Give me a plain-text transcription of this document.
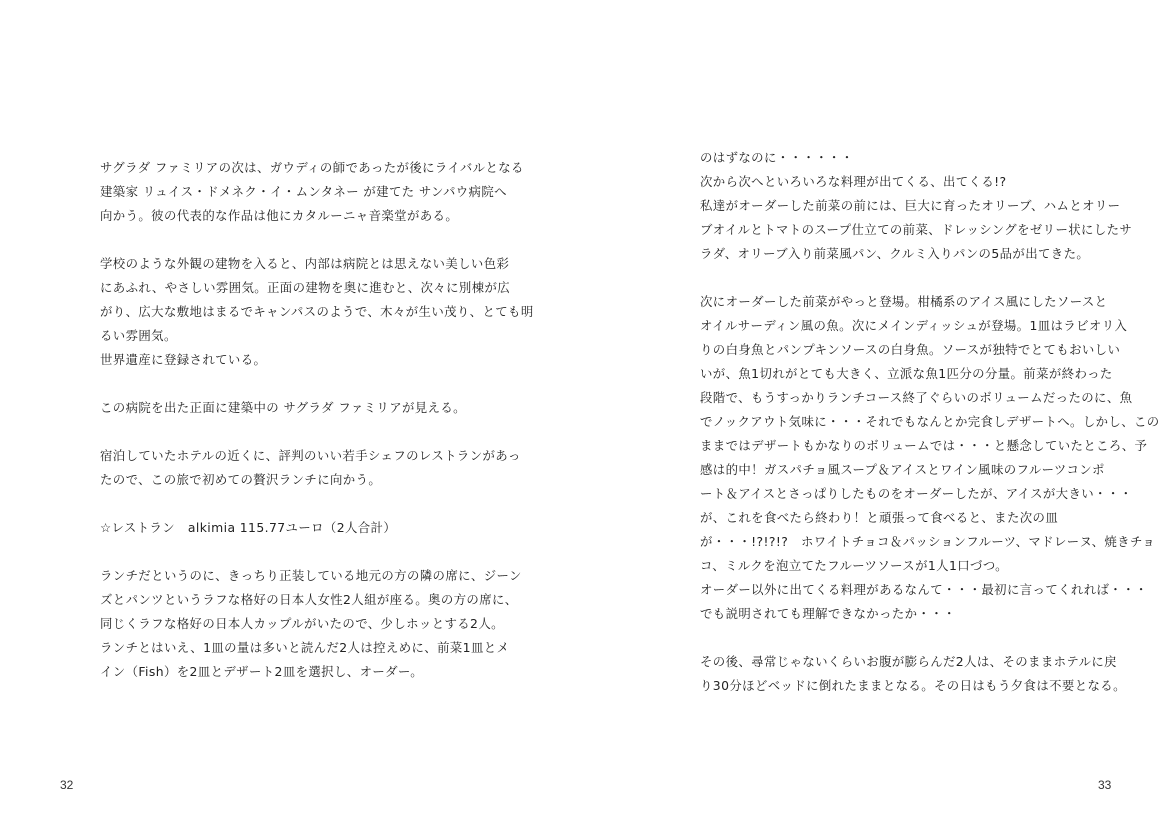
サグラダ ファミリアの次は、ガウディの師であったが後にライバルとなる
建築家 リュイス・ドメネク・イ・ムンタネー が建てた サンパウ病院へ
向かう。彼の代表的な作品は他にカタルーニャ音楽堂がある。
学校のような外観の建物を入ると、内部は病院とは思えない美しい色彩
にあふれ、やさしい雰囲気。正面の建物を奥に進むと、次々に別棟が広
がり、広大な敷地はまるでキャンパスのようで、木々が生い茂り、とても明
るい雰囲気。
世界遺産に登録されている。
この病院を出た正面に建築中の サグラダ ファミリアが見える。
宿泊していたホテルの近くに、評判のいい若手シェフのレストランがあっ
たので、この旅で初めての贅沢ランチに向かう。
☆レストラン　alkimia 115.77ユーロ（2人合計）
ランチだというのに、きっちり正装している地元の方の隣の席に、ジーン
ズとパンツというラフな格好の日本人女性2人組が座る。奥の方の席に、
同じくラフな格好の日本人カップルがいたので、少しホッとする2人。
ランチとはいえ、1皿の量は多いと読んだ2人は控えめに、前菜1皿とメ
イン（Fish）を2皿とデザート2皿を選択し、オーダー。
32
のはずなのに・・・・・・
次から次へといろいろな料理が出てくる、出てくる!?
私達がオーダーした前菜の前には、巨大に育ったオリーブ、ハムとオリー
ブオイルとトマトのスープ仕立ての前菜、ドレッシングをゼリー状にしたサ
ラダ、オリーブ入り前菜風パン、クルミ入りパンの5品が出てきた。
次にオーダーした前菜がやっと登場。柑橘系のアイス風にしたソースと
オイルサーディン風の魚。次にメインディッシュが登場。1皿はラビオリ入
りの白身魚とパンプキンソースの白身魚。ソースが独特でとてもおいしい
いが、魚1切れがとても大きく、立派な魚1匹分の分量。前菜が終わった
段階で、もうすっかりランチコース終了ぐらいのボリュームだったのに、魚
でノックアウト気味に・・・それでもなんとか完食しデザートへ。しかし、この
ままではデザートもかなりのボリュームでは・・・と懸念していたところ、予
感は的中！ガスパチョ風スープ＆アイスとワイン風味のフルーツコンポ
ート＆アイスとさっぱりしたものをオーダーしたが、アイスが大きい・・・
が、これを食べたら終わり！と頑張って食べると、また次の皿
が・・・!?!?!?　ホワイトチョコ＆パッションフルーツ、マドレーヌ、焼きチョ
コ、ミルクを泡立てたフルーツソースが1人1口づつ。
オーダー以外に出てくる料理があるなんて・・・最初に言ってくれれば・・・
でも説明されても理解できなかったか・・・
その後、尋常じゃないくらいお腹が膨らんだ2人は、そのままホテルに戻
り30分ほどベッドに倒れたままとなる。その日はもう夕食は不要となる。
33
